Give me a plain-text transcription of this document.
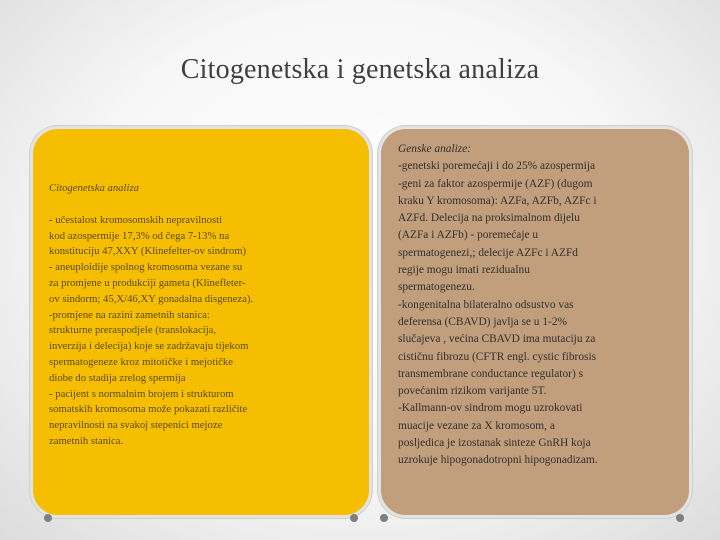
Citogenetska i genetska analiza
Citogenetska analiza
- učestalost kromosomskih nepravilnosti
kod azospermije 17,3% od čega 7-13% na
konstituciju 47,XXY (Klinefelter-ov sindrom)
- aneuploidije spolnog kromosoma vezane su
za promjene u produkciji gameta (Klinefleter-
ov sindorm; 45,X/46,XY gonadalna disgeneza).
-promjene na razini zametnih stanica:
strukturne preraspodjele (translokacija,
inverzija i delecija) koje se zadržavaju tijekom
spermatogeneze kroz mitotičke i mejotičke
diobe do stadija zrelog spermija
- pacijent s normalnim brojem i strukturom
somatskih kromosoma može pokazati različite
nepravilnosti na svakoj stepenici mejoze
zametnih stanica.
Genske analize:
-genetski poremećaji i do 25% azospermija
-geni za faktor azospermije (AZF) (dugom
kraku Y kromosoma): AZFa, AZFb, AZFc i
AZFd. Delecija na proksimalnom dijelu
(AZFa i AZFb) - poremećaje u
spermatogenezi,; delecije AZFc i AZFd
regije mogu imati rezidualnu
spermatogenezu.
-kongenitalna bilateralno odsustvo vas
deferensa (CBAVD) javlja se u 1-2%
slučajeva , većina CBAVD ima mutaciju za
cističnu fibrozu (CFTR engl. cystic fibrosis
transmembrane conductance regulator) s
povećanim rizikom varijante 5T.
-Kallmann-ov sindrom mogu uzrokovati
muacije vezane za X kromosom, a
posljedica je izostanak sinteze GnRH koja
uzrokuje hipogonadotropni hipogonadizam.
